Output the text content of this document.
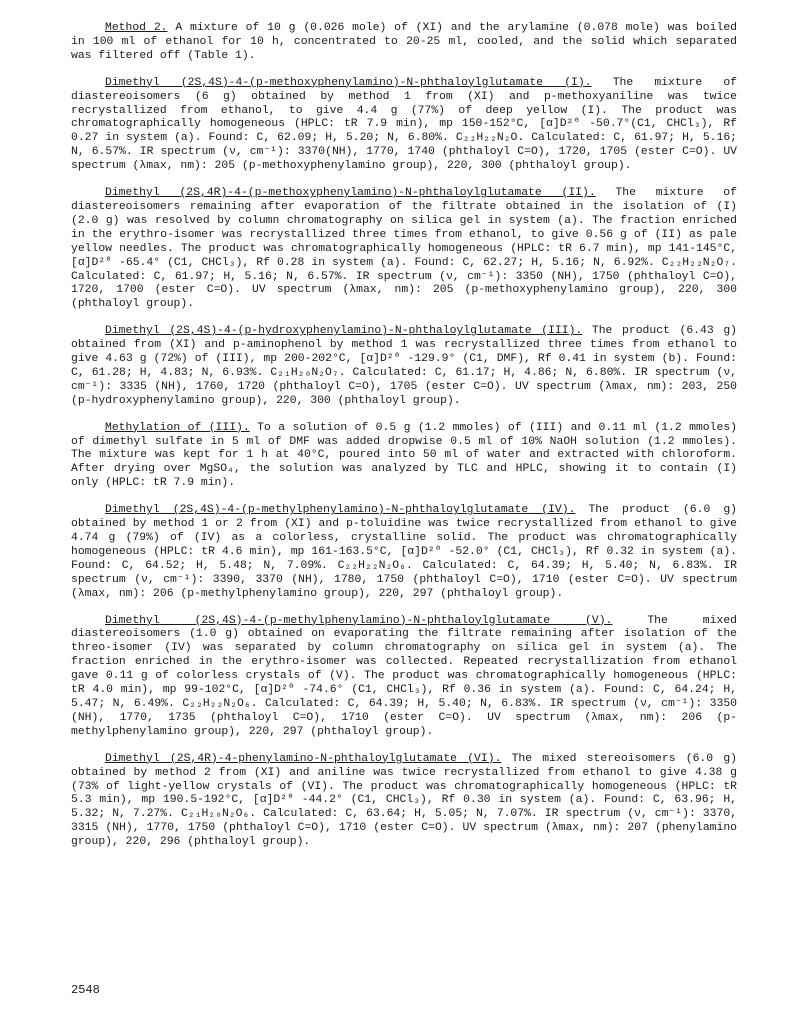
Method 2. A mixture of 10 g (0.026 mole) of (XI) and the arylamine (0.078 mole) was boiled in 100 ml of ethanol for 10 h, concentrated to 20-25 ml, cooled, and the solid which separated was filtered off (Table 1).

Dimethyl (2S,4S)-4-(p-methoxyphenylamino)-N-phthaloylglutamate (I). The mixture of diastereoisomers (6 g) obtained by method 1 from (XI) and p-methoxyaniline was twice recrystallized from ethanol, to give 4.4 g (77%) of deep yellow (I). The product was chromatographically homogeneous (HPLC: tR 7.9 min), mp 150-152°C, [α]D²⁰ -50.7°(C1, CHCl₃), Rf 0.27 in system (a). Found: C, 62.09; H, 5.20; N, 6.80%. C₂₂H₂₂N₂O. Calculated: C, 61.97; H, 5.16; N, 6.57%. IR spectrum (ν, cm⁻¹): 3370(NH), 1770, 1740 (phthaloyl C=O), 1720, 1705 (ester C=O). UV spectrum (λmax, nm): 205 (p-methoxyphenylamino group), 220, 300 (phthaloyl group).

Dimethyl (2S,4R)-4-(p-methoxyphenylamino)-N-phthaloylglutamate (II). The mixture of diastereoisomers remaining after evaporation of the filtrate obtained in the isolation of (I) (2.0 g) was resolved by column chromatography on silica gel in system (a). The fraction enriched in the erythro-isomer was recrystallized three times from ethanol, to give 0.56 g of (II) as pale yellow needles. The product was chromatographically homogeneous (HPLC: tR 6.7 min), mp 141-145°C, [α]D²⁰ -65.4° (C1, CHCl₃), Rf 0.28 in system (a). Found: C, 62.27; H, 5.16; N, 6.92%. C₂₂H₂₂N₂O₇. Calculated: C, 61.97; H, 5.16; N, 6.57%. IR spectrum (ν, cm⁻¹): 3350 (NH), 1750 (phthaloyl C=O), 1720, 1700 (ester C=O). UV spectrum (λmax, nm): 205 (p-methoxyphenylamino group), 220, 300 (phthaloyl group).

Dimethyl (2S,4S)-4-(p-hydroxyphenylamino)-N-phthaloylglutamate (III). The product (6.43 g) obtained from (XI) and p-aminophenol by method 1 was recrystallized three times from ethanol to give 4.63 g (72%) of (III), mp 200-202°C, [α]D²⁰ -129.9° (C1, DMF), Rf 0.41 in system (b). Found: C, 61.28; H, 4.83; N, 6.93%. C₂₁H₂₀N₂O₇. Calculated: C, 61.17; H, 4.86; N, 6.80%. IR spectrum (ν, cm⁻¹): 3335 (NH), 1760, 1720 (phthaloyl C=O), 1705 (ester C=O). UV spectrum (λmax, nm): 203, 250 (p-hydroxyphenylamino group), 220, 300 (phthaloyl group).

Methylation of (III). To a solution of 0.5 g (1.2 mmoles) of (III) and 0.11 ml (1.2 mmoles) of dimethyl sulfate in 5 ml of DMF was added dropwise 0.5 ml of 10% NaOH solution (1.2 mmoles). The mixture was kept for 1 h at 40°C, poured into 50 ml of water and extracted with chloroform. After drying over MgSO₄, the solution was analyzed by TLC and HPLC, showing it to contain (I) only (HPLC: tR 7.9 min).

Dimethyl (2S,4S)-4-(p-methylphenylamino)-N-phthaloylglutamate (IV). The product (6.0 g) obtained by method 1 or 2 from (XI) and p-toluidine was twice recrystallized from ethanol to give 4.74 g (79%) of (IV) as a colorless, crystalline solid. The product was chromatographically homogeneous (HPLC: tR 4.6 min), mp 161-163.5°C, [α]D²⁰ -52.0° (C1, CHCl₃), Rf 0.32 in system (a). Found: C, 64.52; H, 5.48; N, 7.09%. C₂₂H₂₂N₂O₆. Calculated: C, 64.39; H, 5.40; N, 6.83%. IR spectrum (ν, cm⁻¹): 3390, 3370 (NH), 1780, 1750 (phthaloyl C=O), 1710 (ester C=O). UV spectrum (λmax, nm): 206 (p-methylphenylamino group), 220, 297 (phthaloyl group).

Dimethyl (2S,4S)-4-(p-methylphenylamino)-N-phthaloylglutamate (V). The mixed diastereoisomers (1.0 g) obtained on evaporating the filtrate remaining after isolation of the threo-isomer (IV) was separated by column chromatography on silica gel in system (a). The fraction enriched in the erythro-isomer was collected. Repeated recrystallization from ethanol gave 0.11 g of colorless crystals of (V). The product was chromatographically homogeneous (HPLC: tR 4.0 min), mp 99-102°C, [α]D²⁰ -74.6° (C1, CHCl₃), Rf 0.36 in system (a). Found: C, 64.24; H, 5.47; N, 6.49%. C₂₂H₂₂N₂O₆. Calculated: C, 64.39; H, 5.40; N, 6.83%. IR spectrum (ν, cm⁻¹): 3350 (NH), 1770, 1735 (phthaloyl C=O), 1710 (ester C=O). UV spectrum (λmax, nm): 206 (p-methylphenylamino group), 220, 297 (phthaloyl group).

Dimethyl (2S,4R)-4-phenylamino-N-phthaloylglutamate (VI). The mixed stereoisomers (6.0 g) obtained by method 2 from (XI) and aniline was twice recrystallized from ethanol to give 4.38 g (73% of light-yellow crystals of (VI). The product was chromatographically homogeneous (HPLC: tR 5.3 min), mp 190.5-192°C, [α]D²⁰ -44.2° (C1, CHCl₃), Rf 0.30 in system (a). Found: C, 63.96; H, 5.32; N, 7.27%. C₂₁H₂₀N₂O₆. Calculated: C, 63.64; H, 5.05; N, 7.07%. IR spectrum (ν, cm⁻¹): 3370, 3315 (NH), 1770, 1750 (phthaloyl C=O), 1710 (ester C=O). UV spectrum (λmax, nm): 207 (phenylamino group), 220, 296 (phthaloyl group).

2548
